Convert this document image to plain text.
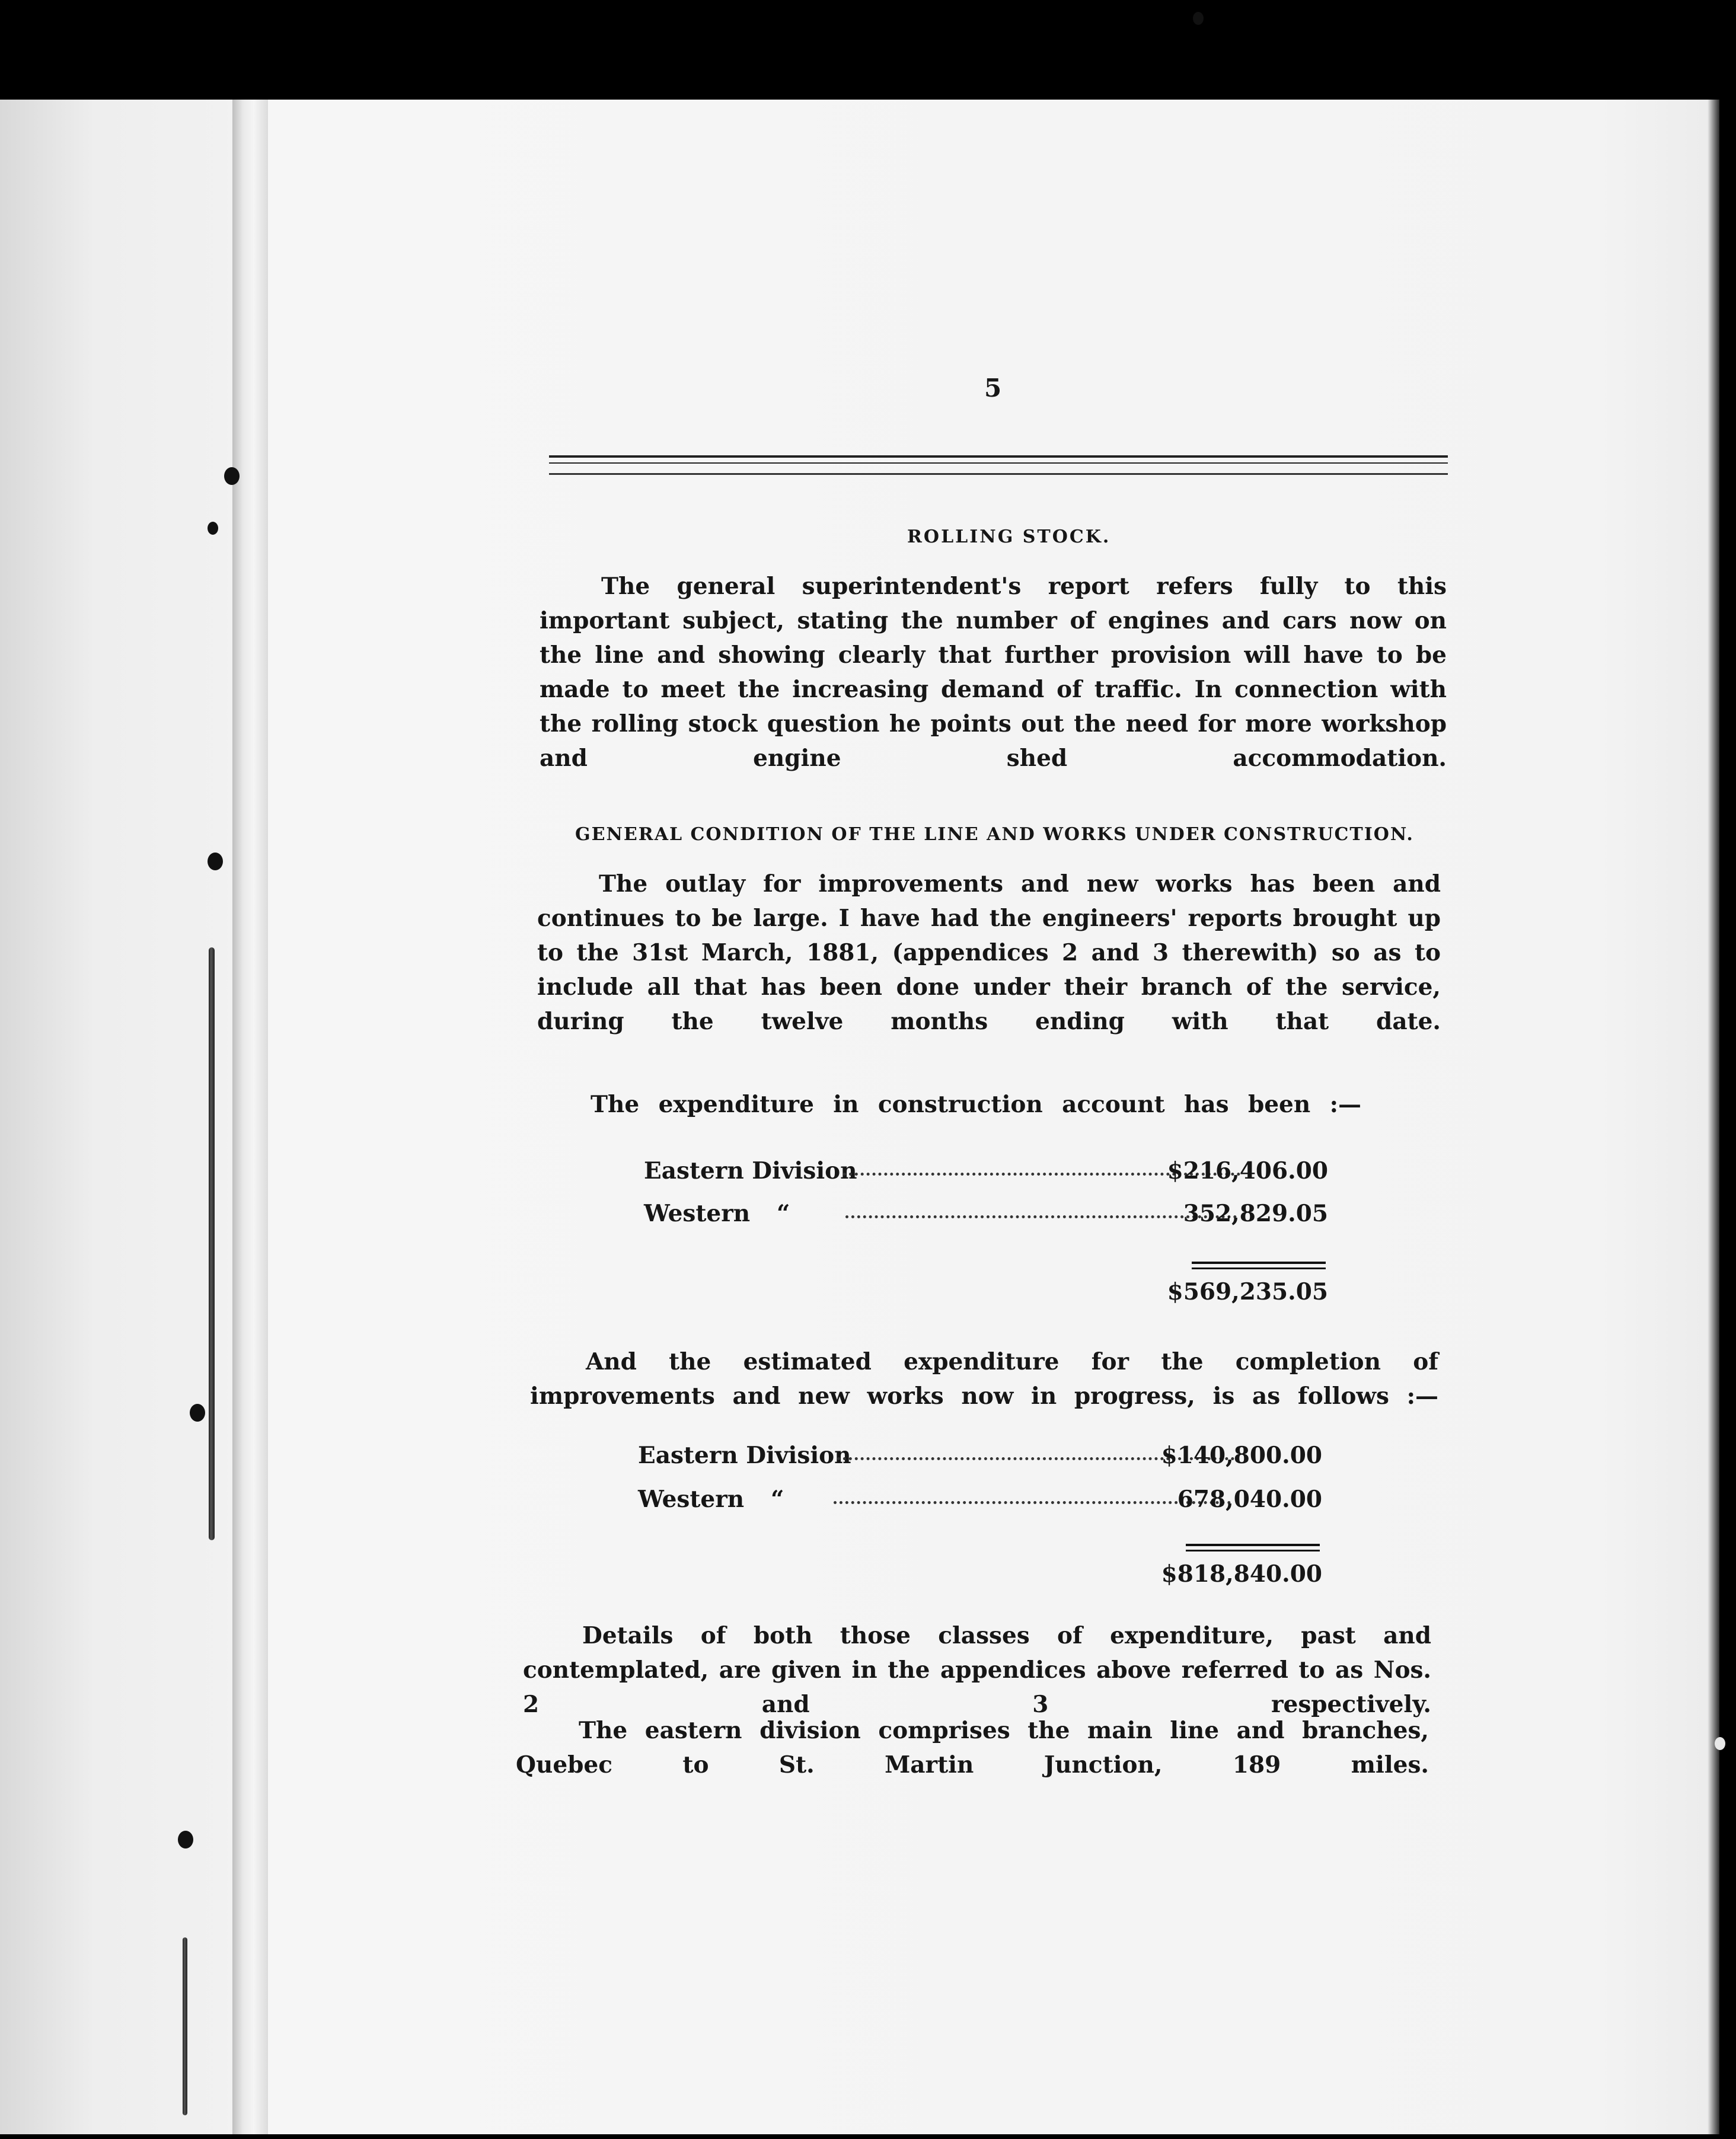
5
ROLLING STOCK.
The general superintendent's report refers fully to this important subject, stating the number of engines and cars now on the line and showing clearly that further provision will have to be made to meet the increasing demand of traffic. In connection with the rolling stock question he points out the need for more workshop and engine shed accommodation.
GENERAL CONDITION OF THE LINE AND WORKS UNDER CONSTRUCTION.
The outlay for improvements and new works has been and continues to be large. I have had the engineers' reports brought up to the 31st March, 1881, (appendices 2 and 3 therewith) so as to include all that has been done under their branch of the service, during the twelve months ending with that date.
The expenditure in construction account has been :—
Eastern Division	$216,406.00
Western “	352,829.05
$569,235.05
And the estimated expenditure for the completion of improvements and new works now in progress, is as follows :—
Eastern Division	$140,800.00
Western “	678,040.00
$818,840.00
Details of both those classes of expenditure, past and contemplated, are given in the appendices above referred to as Nos. 2 and 3 respectively.
The eastern division comprises the main line and branches, Quebec to St. Martin Junction, 189 miles.
